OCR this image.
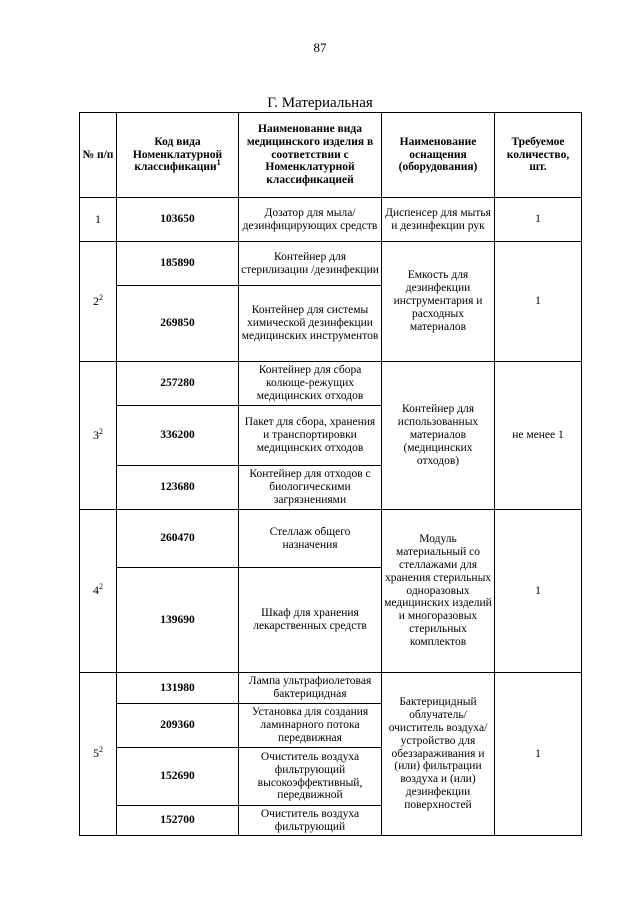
87
Г. Материальная
№ п/п	Код вида Номенклатурной классификации$^1$	Наименование вида медицинского изделия в соответствии с Номенклатурной классификацией	Наименование оснащения (оборудования)	Требуемое количество, шт.
1	103650	Дозатор для мыла/ дезинфицирующих средств	Диспенсер для мытья и дезинфекции рук	1
$2^2$	185890	Контейнер для стерилизации /дезинфекции	Емкость для дезинфекции инструментария и расходных материалов	1
	269850	Контейнер для системы химической дезинфекции медицинских инструментов		
$3^2$	257280	Контейнер для сбора колюще-режущих медицинских отходов	Контейнер для использованных материалов (медицинских отходов)	не менее 1
	336200	Пакет для сбора, хранения и транспортировки медицинских отходов		
	123680	Контейнер для отходов с биологическими загрязнениями		
$4^2$	260470	Стеллаж общего назначения	Модуль материальный со стеллажами для хранения стерильных одноразовых медицинских изделий и многоразовых стерильных комплектов	1
	139690	Шкаф для хранения лекарственных средств		
$5^2$	131980	Лампа ультрафиолетовая бактерицидная	Бактерицидный облучатель/ очиститель воздуха/ устройство для обеззараживания и (или) фильтрации воздуха и (или) дезинфекции поверхностей	1
	209360	Установка для создания ламинарного потока передвижная		
	152690	Очиститель воздуха фильтрующий высокоэффективный, передвижной		
	152700	Очиститель воздуха фильтрующий		
